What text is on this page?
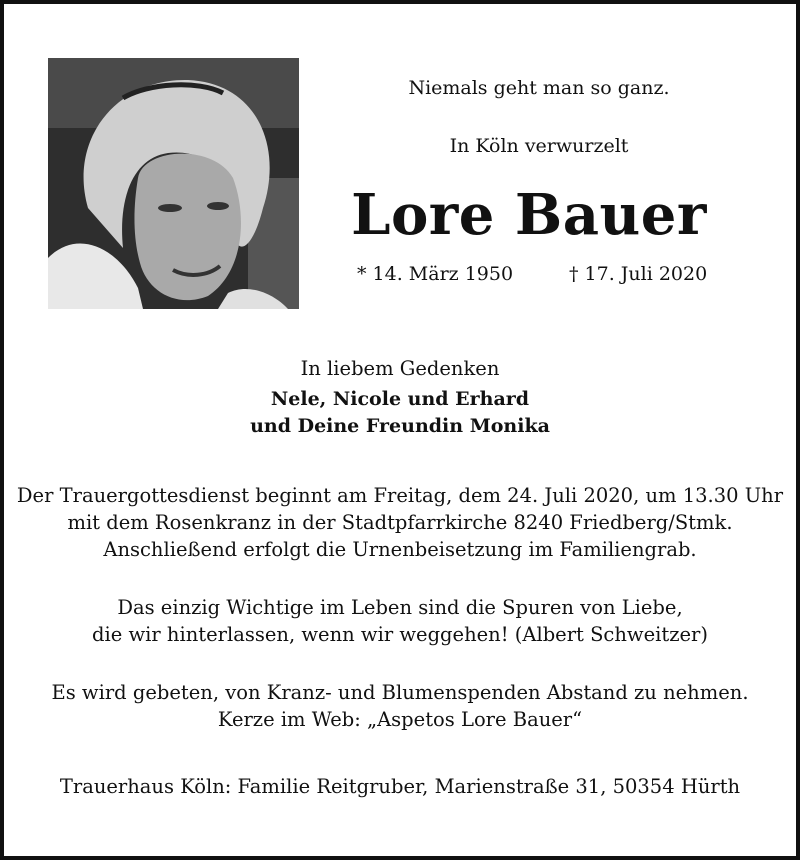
Niemals geht man so ganz.
In Köln verwurzelt
Lore Bauer
* 14. März 1950	† 17. Juli 2020
In liebem Gedenken
Nele, Nicole und Erhard
und Deine Freundin Monika
Der Trauergottesdienst beginnt am Freitag, dem 24. Juli 2020, um 13.30 Uhr
mit dem Rosenkranz in der Stadtpfarrkirche 8240 Friedberg/Stmk.
Anschließend erfolgt die Urnenbeisetzung im Familiengrab.
Das einzig Wichtige im Leben sind die Spuren von Liebe,
die wir hinterlassen, wenn wir weggehen! (Albert Schweitzer)
Es wird gebeten, von Kranz- und Blumenspenden Abstand zu nehmen.
Kerze im Web: „Aspetos Lore Bauer“
Trauerhaus Köln: Familie Reitgruber, Marienstraße 31, 50354 Hürth
